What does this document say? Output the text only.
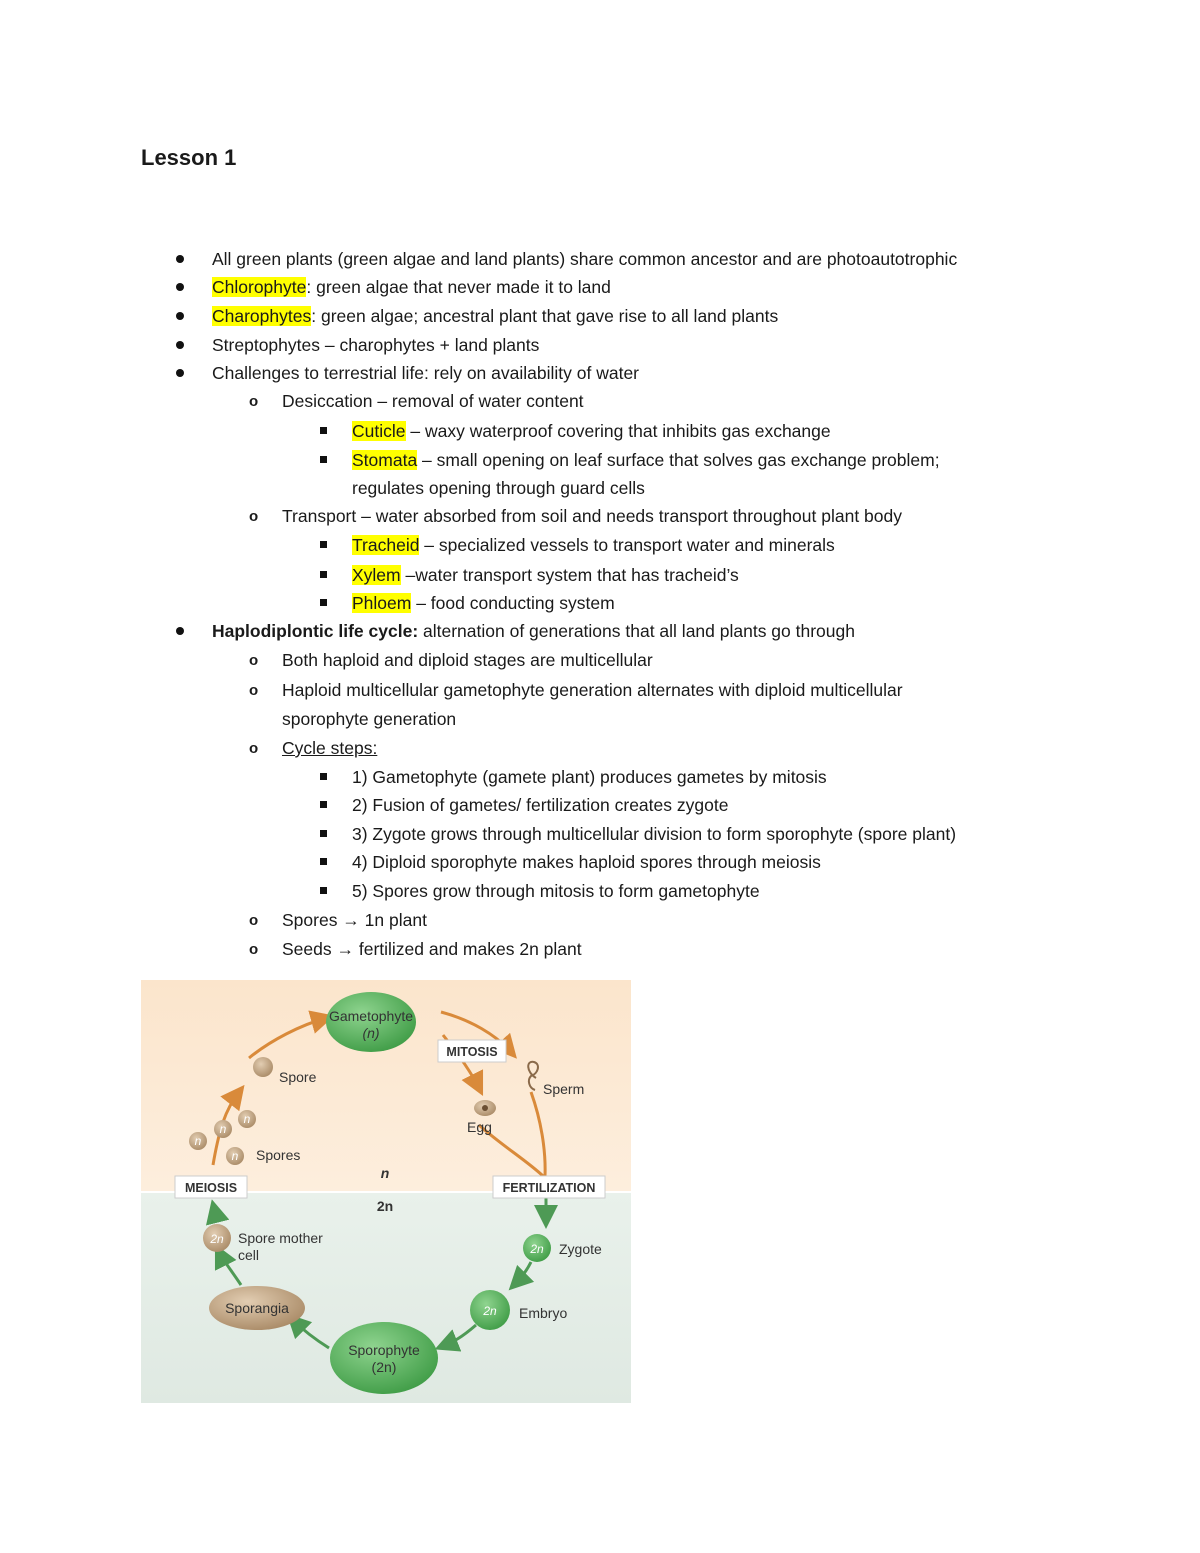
Lesson 1
All green plants (green algae and land plants) share common ancestor and are photoautotrophic
Chlorophyte: green algae that never made it to land
Charophytes: green algae; ancestral plant that gave rise to all land plants
Streptophytes – charophytes + land plants
Challenges to terrestrial life: rely on availability of water
o Desiccation – removal of water content
Cuticle – waxy waterproof covering that inhibits gas exchange
Stomata – small opening on leaf surface that solves gas exchange problem;
regulates opening through guard cells
o Transport – water absorbed from soil and needs transport throughout plant body
Tracheid – specialized vessels to transport water and minerals
Xylem –water transport system that has tracheid’s
Phloem – food conducting system
Haplodiplontic life cycle: alternation of generations that all land plants go through
o Both haploid and diploid stages are multicellular
o Haploid multicellular gametophyte generation alternates with diploid multicellular
sporophyte generation
o Cycle steps:
1) Gametophyte (gamete plant) produces gametes by mitosis
2) Fusion of gametes/ fertilization creates zygote
3) Zygote grows through multicellular division to form sporophyte (spore plant)
4) Diploid sporophyte makes haploid spores through meiosis
5) Spores grow through mitosis to form gametophyte
o Spores → 1n plant
o Seeds → fertilized and makes 2n plant
Gametophyte
(n)
MITOSIS
Sperm
Egg
Spore
n
n
n
n Spores
MEIOSIS	FERTILIZATION
n
2n
2n Spore mother
cell	2n Zygote
2n Embryo
Sporangia
Sporophyte
(2n)
